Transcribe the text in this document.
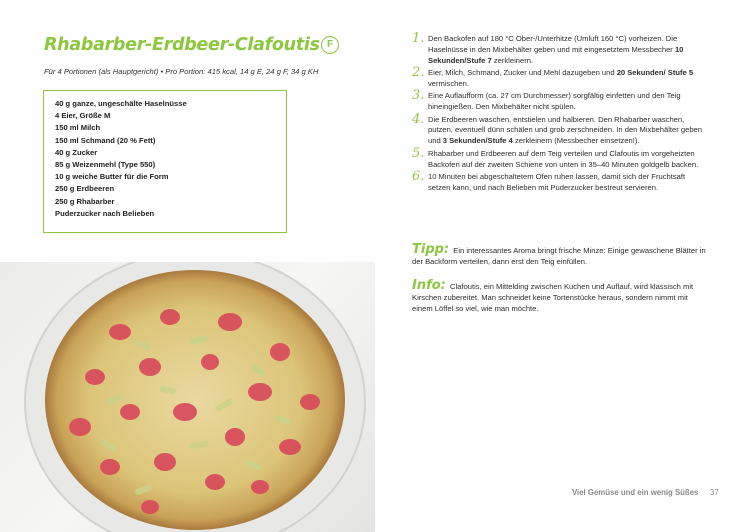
Rhabarber-Erdbeer-Clafoutis F

Für 4 Portionen (als Hauptgericht) • Pro Portion: 415 kcal, 14 g E, 24 g F, 34 g KH

40 g ganze, ungeschälte Haselnüsse
4 Eier, Größe M
150 ml Milch
150 ml Schmand (20 % Fett)
40 g Zucker
85 g Weizenmehl (Type 550)
10 g weiche Butter für die Form
250 g Erdbeeren
250 g Rhabarber
Puderzucker nach Belieben
1. Den Backofen auf 180 °C Ober-/Unterhitze (Umluft 160 °C) vorheizen. Die Haselnüsse in den Mixbehälter geben und mit eingesetztem Messbecher 10 Sekunden/Stufe 7 zerkleinern.
2. Eier, Milch, Schmand, Zucker und Mehl dazugeben und 20 Sekunden/ Stufe 5 vermischen.
3. Eine Auflaufform (ca. 27 cm Durchmesser) sorgfältig einfetten und den Teig hineingießen. Den Mixbehälter nicht spülen.
4. Die Erdbeeren waschen, entstielen und halbieren. Den Rhabarber waschen, putzen, eventuell dünn schälen und grob zerschneiden. In den Mixbehälter geben und 3 Sekunden/Stufe 4 zerkleinern (Messbecher einsetzen!).
5. Rhabarber und Erdbeeren auf dem Teig verteilen und Clafoutis im vorgeheizten Backofen auf der zweiten Schiene von unten in 35–40 Minuten goldgelb backen.
6. 10 Minuten bei abgeschaltetem Ofen ruhen lassen, damit sich der Fruchtsaft setzen kann, und nach Belieben mit Puderzucker bestreut servieren.
Tipp: Ein interessantes Aroma bringt frische Minze: Einige gewaschene Blätter in der Backform verteilen, dann erst den Teig einfüllen.
Info: Clafoutis, ein Mittelding zwischen Kuchen und Auflauf, wird klassisch mit Kirschen zubereitet. Man schneidet keine Tortenstücke heraus, sondern nimmt mit einem Löffel so viel, wie man möchte.
Viel Gemüse und ein wenig Süßes 37
